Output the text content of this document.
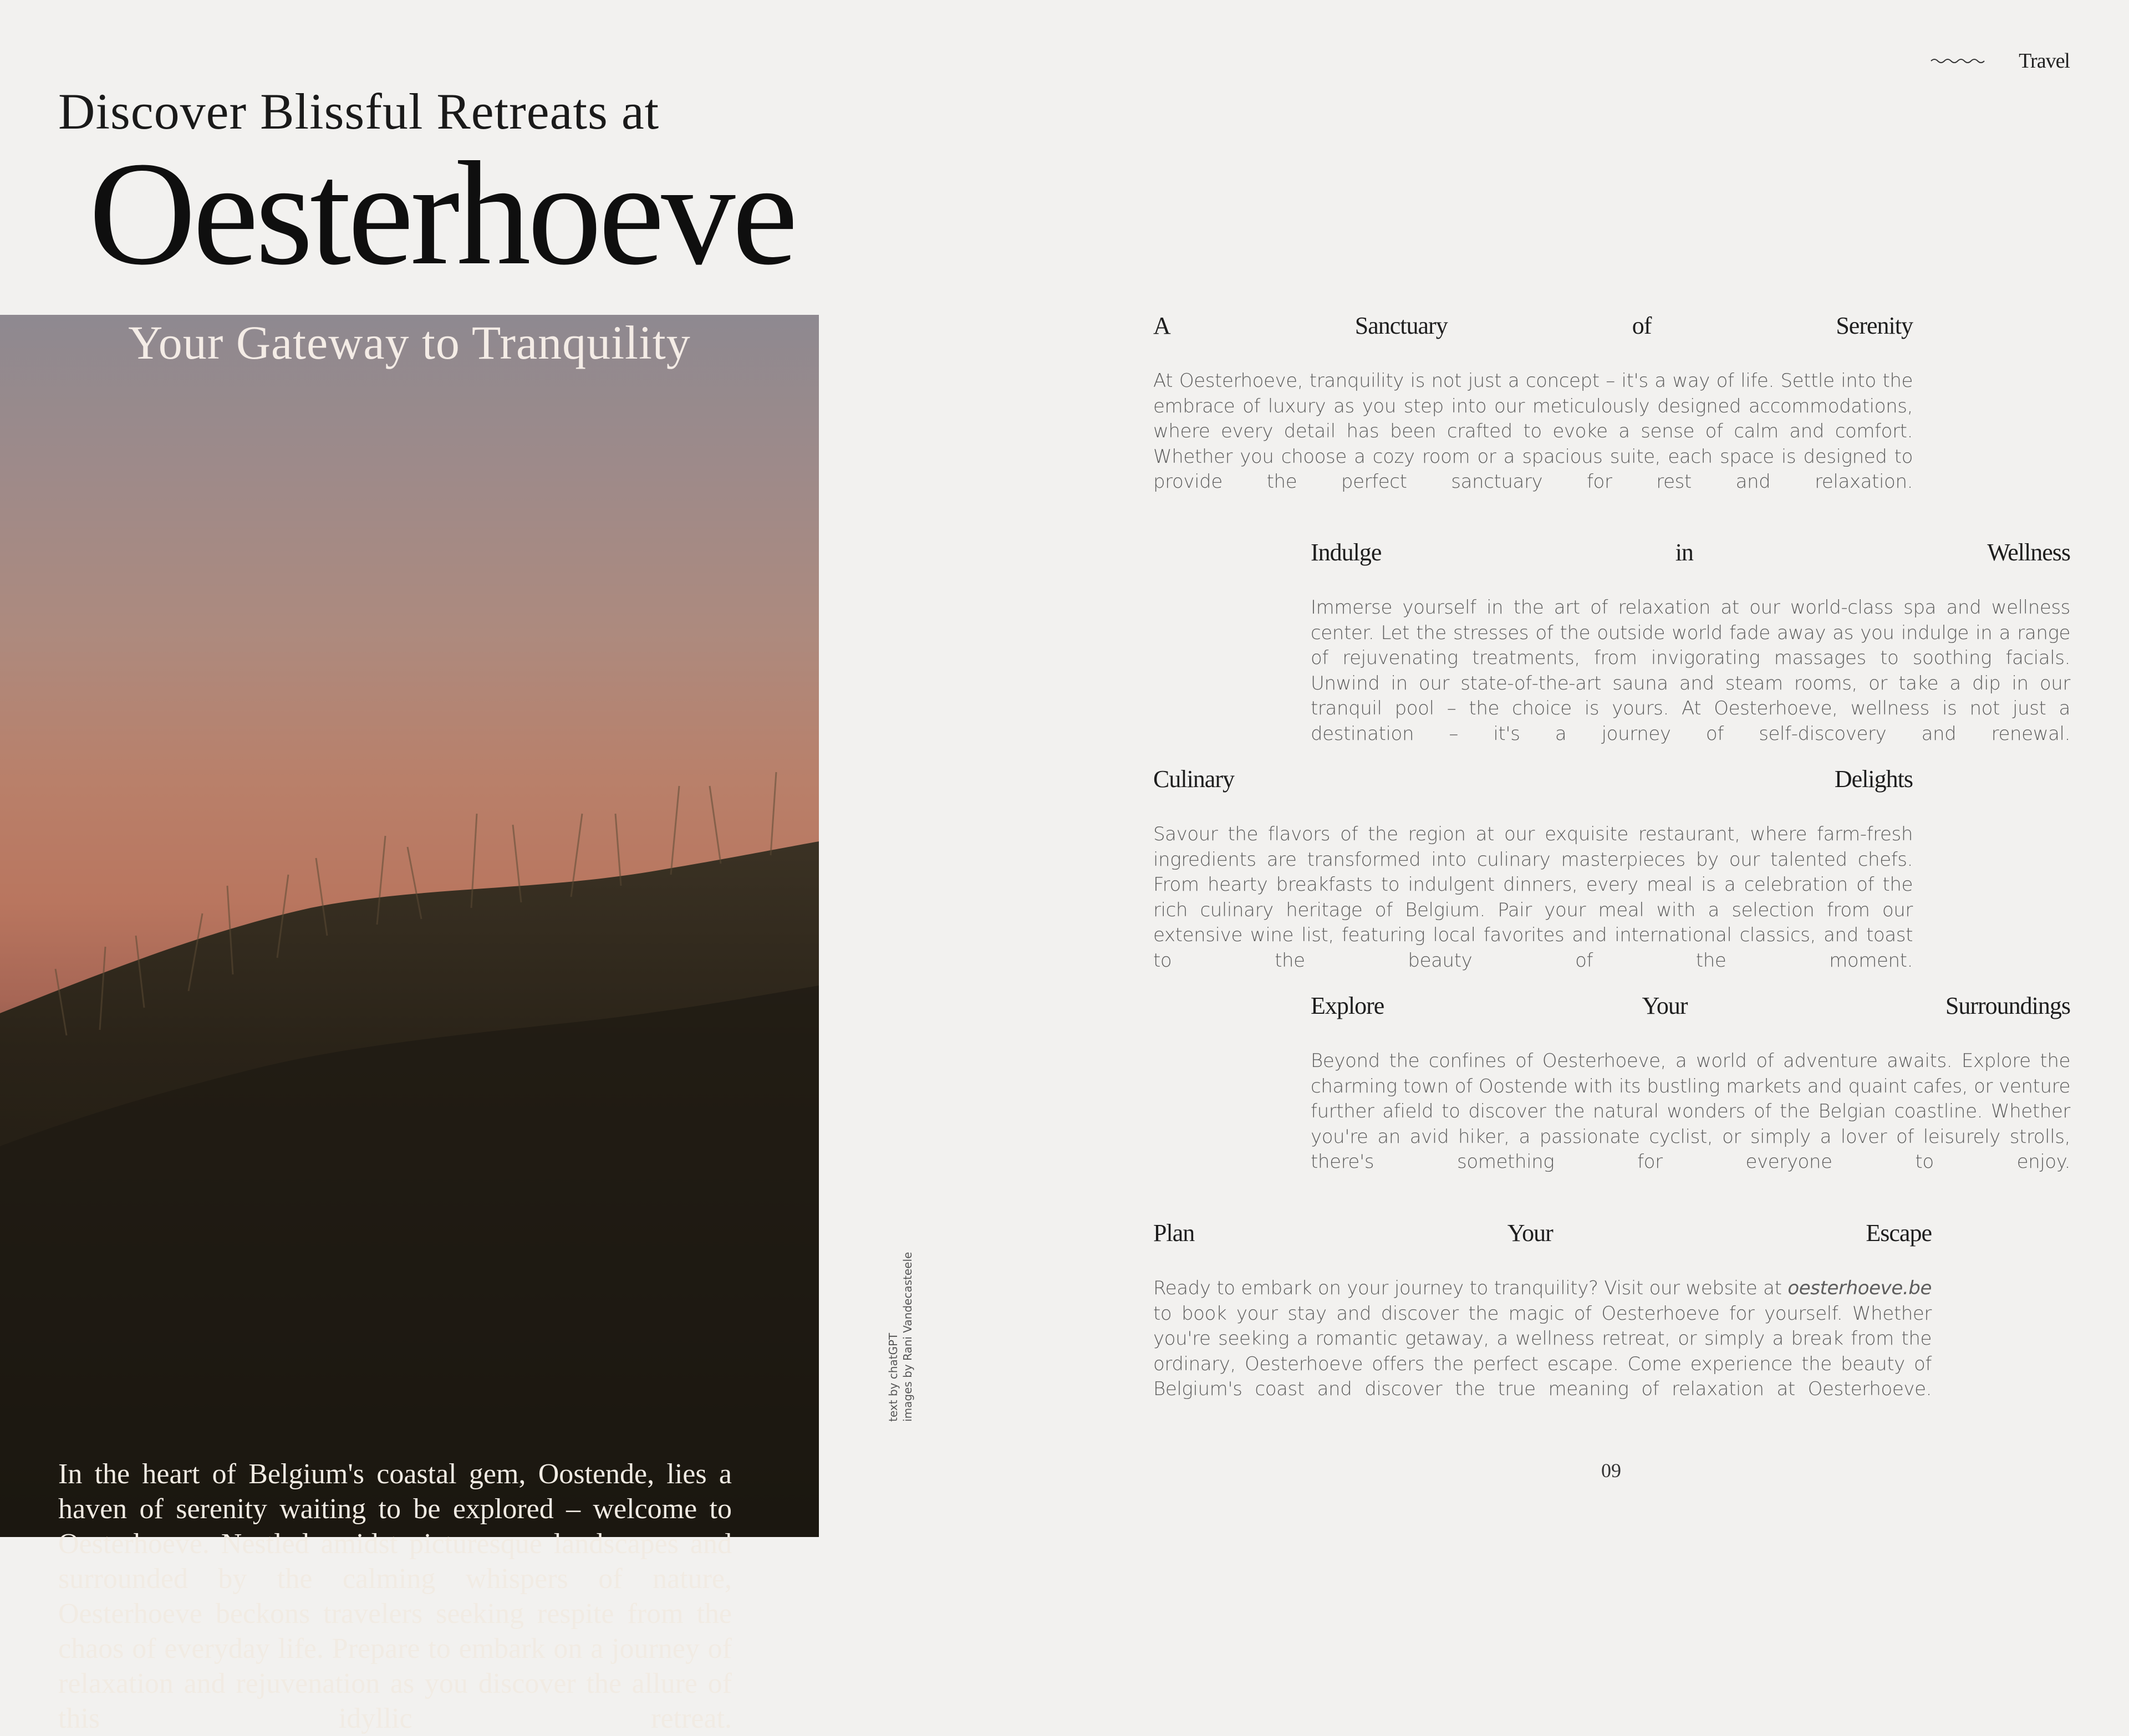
Discover Blissful Retreats at
Oesterhoeve
Your Gateway to Tranquility

In the heart of Belgium's coastal gem, Oostende, lies a haven of serenity waiting to be explored – welcome to Oesterhoeve. Nestled amidst picturesque landscapes and surrounded by the calming whispers of nature, Oesterhoeve beckons travelers seeking respite from the chaos of everyday life. Prepare to embark on a journey of relaxation and rejuvenation as you discover the allure of this idyllic retreat.

text by chatGPT images by Rani Vandecasteele
Travel
A	Sanctuary	of	Serenity

At Oesterhoeve, tranquility is not just a concept – it's a way of life. Settle into the embrace of luxury as you step into our meticulously designed accommodations, where every detail has been crafted to evoke a sense of calm and comfort. Whether you choose a cozy room or a spacious suite, each space is designed to provide the perfect sanctuary for rest and relaxation.

Indulge	in	Wellness

Immerse yourself in the art of relaxation at our world-class spa and wellness center. Let the stresses of the outside world fade away as you indulge in a range of rejuvenating treatments, from invigorating massages to soothing facials. Unwind in our state-of-the-art sauna and steam rooms, or take a dip in our tranquil pool – the choice is yours. At Oesterhoeve, wellness is not just a destination – it's a journey of self-discovery and renewal.

Culinary	Delights

Savour the flavors of the region at our exquisite restaurant, where farm-fresh ingredients are transformed into culinary masterpieces by our talented chefs. From hearty breakfasts to indulgent dinners, every meal is a celebration of the rich culinary heritage of Belgium. Pair your meal with a selection from our extensive wine list, featuring local favorites and international classics, and toast to the beauty of the moment.

Explore	Your	Surroundings

Beyond the confines of Oesterhoeve, a world of adventure awaits. Explore the charming town of Oostende with its bustling markets and quaint cafes, or venture further afield to discover the natural wonders of the Belgian coastline. Whether you're an avid hiker, a passionate cyclist, or simply a lover of leisurely strolls, there's something for everyone to enjoy.

Plan	Your	Escape

Ready to embark on your journey to tranquility? Visit our website at oesterhoeve.be to book your stay and discover the magic of Oesterhoeve for yourself. Whether you're seeking a romantic getaway, a wellness retreat, or simply a break from the ordinary, Oesterhoeve offers the perfect escape. Come experience the beauty of Belgium's coast and discover the true meaning of relaxation at Oesterhoeve.

09
